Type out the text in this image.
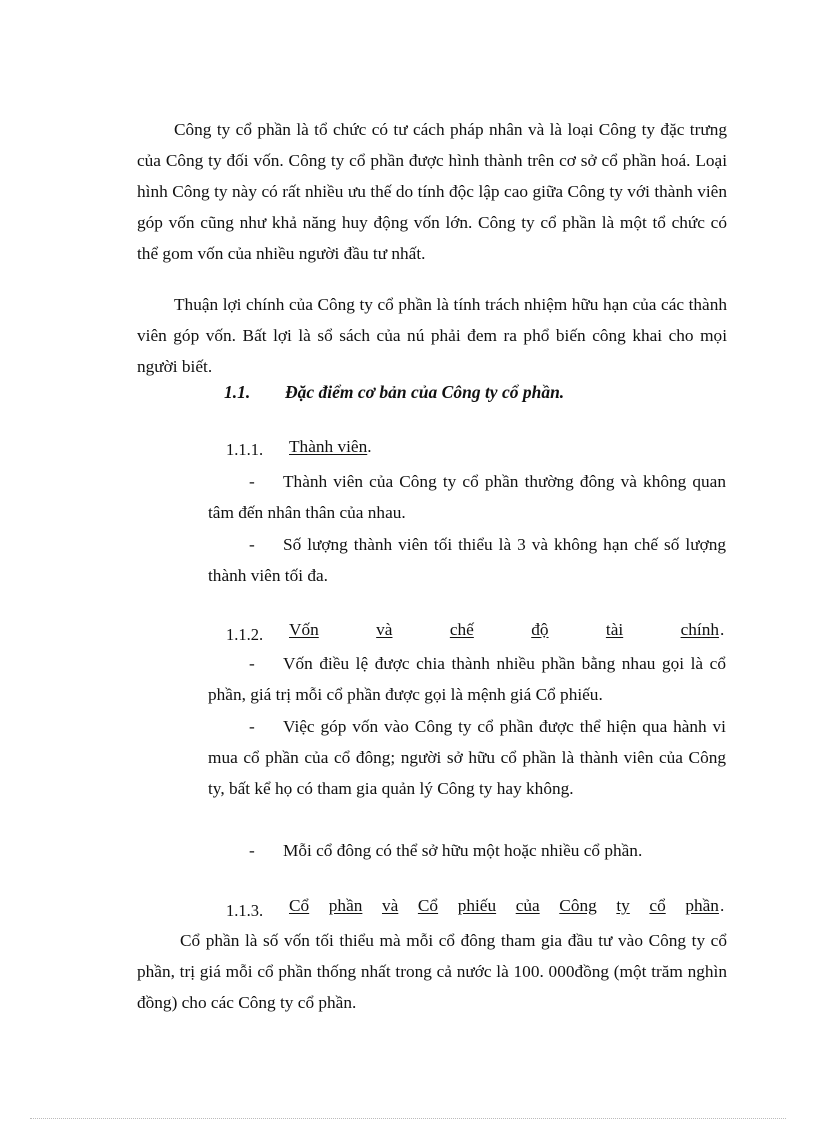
Công ty cổ phần là tổ chức có tư cách pháp nhân và là loại Công ty đặc trưng của Công ty đối vốn. Công ty cổ phần được hình thành trên cơ sở cổ phần hoá. Loại hình Công ty này có rất nhiều ưu thế do tính độc lập cao giữa Công ty với thành viên góp vốn cũng như khả năng huy động vốn lớn. Công ty cổ phần là một tổ chức có thể gom vốn của nhiều người đầu tư nhất.

Thuận lợi chính của Công ty cổ phần là tính trách nhiệm hữu hạn của các thành viên góp vốn. Bất lợi là sổ sách của nú phải đem ra phổ biến công khai cho mọi người biết.

1.1. Đặc điểm cơ bản của Công ty cổ phần.
1.1.1. Thành viên.
-	Thành viên của Công ty cổ phần thường đông và không quan tâm đến nhân thân của nhau.

-	Số lượng thành viên tối thiểu là 3 và không hạn chế số lượng thành viên tối đa.

1.1.2. Vốn	và	chế	độ	tài	chính .
-	Vốn điều lệ được chia thành nhiều phần bằng nhau gọi là cổ phần, giá trị mỗi cổ phần được gọi là mệnh giá Cổ phiếu.

-	Việc góp vốn vào Công ty cổ phần được thể hiện qua hành vi mua cổ phần của cổ đông; người sở hữu cổ phần là thành viên của Công ty, bất kể họ có tham gia quản lý Công ty hay không.

-	Mỗi cổ đông có thể sở hữu một hoặc nhiều cổ phần.

1.1.3. Cổ phần và Cổ phiếu của Công ty cổ phần .

Cổ phần là số vốn tối thiểu mà mỗi cổ đông tham gia đầu tư vào Công ty cổ phần, trị giá mỗi cổ phần thống nhất trong cả nước là 100. 000đồng (một trăm nghìn đồng) cho các Công ty cổ phần.
